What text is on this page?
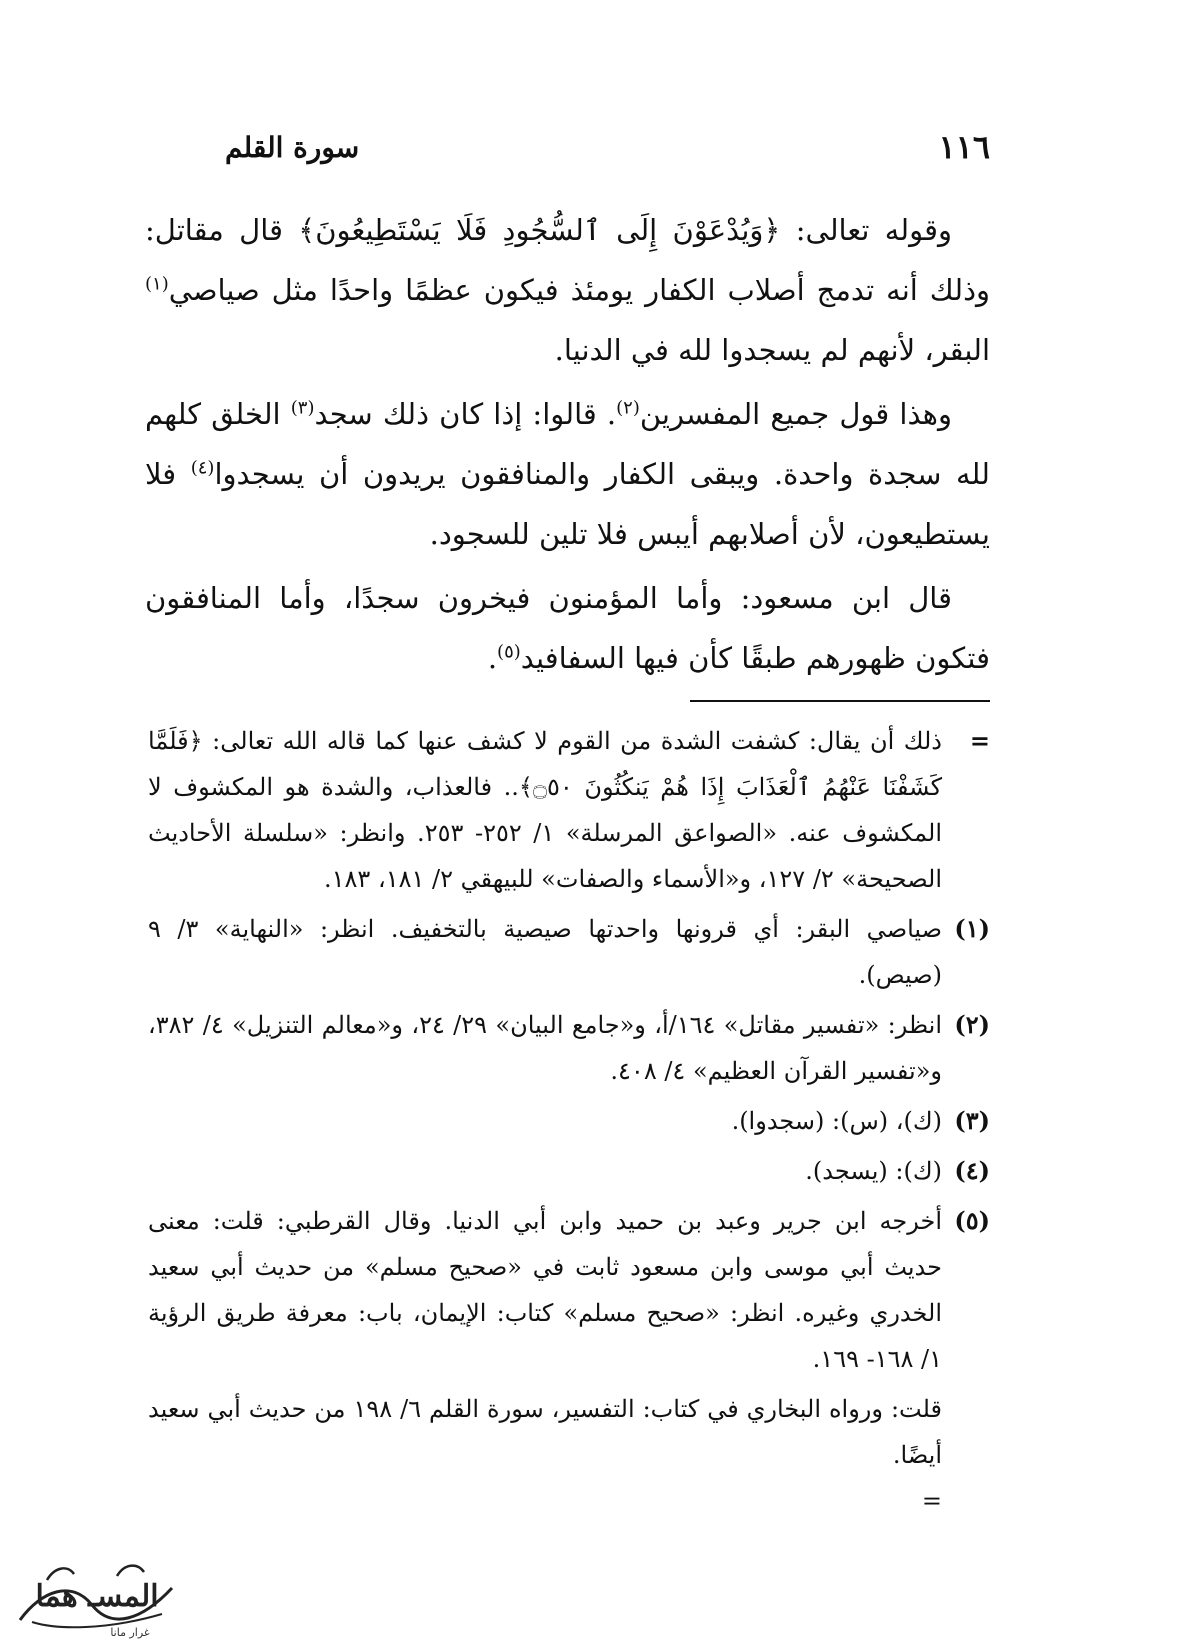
١١٦
سورة القلم

وقوله تعالى: ﴿وَيُدْعَوْنَ إِلَى ٱلسُّجُودِ فَلَا يَسْتَطِيعُونَ﴾ قال مقاتل: وذلك أنه تدمج أصلاب الكفار يومئذ فيكون عظمًا واحدًا مثل صياصي$^{(١)}$ البقر، لأنهم لم يسجدوا لله في الدنيا.

وهذا قول جميع المفسرين$^{(٢)}$. قالوا: إذا كان ذلك سجد$^{(٣)}$ الخلق كلهم لله سجدة واحدة. ويبقى الكفار والمنافقون يريدون أن يسجدوا$^{(٤)}$ فلا يستطيعون، لأن أصلابهم أيبس فلا تلين للسجود.

قال ابن مسعود: وأما المؤمنون فيخرون سجدًا، وأما المنافقون فتكون ظهورهم طبقًا كأن فيها السفافيد$^{(٥)}$.

=
ذلك أن يقال: كشفت الشدة من القوم لا كشف عنها كما قاله الله تعالى: ﴿فَلَمَّا كَشَفْنَا عَنْهُمُ ٱلْعَذَابَ إِذَا هُمْ يَنكُثُونَ ۝٥٠﴾.. فالعذاب، والشدة هو المكشوف لا المكشوف عنه. «الصواعق المرسلة» ١/ ٢٥٢- ٢٥٣. وانظر: «سلسلة الأحاديث الصحيحة» ٢/ ١٢٧، و«الأسماء والصفات» للبيهقي ٢/ ١٨١، ١٨٣.
(١)
صياصي البقر: أي قرونها واحدتها صيصية بالتخفيف. انظر: «النهاية» ٣/ ٩ (صيص).
(٢)
انظر: «تفسير مقاتل» ١٦٤/أ، و«جامع البيان» ٢٩/ ٢٤، و«معالم التنزيل» ٤/ ٣٨٢، و«تفسير القرآن العظيم» ٤/ ٤٠٨.
(٣)
(ك)، (س): (سجدوا).
(٤)
(ك): (يسجد).
(٥)
أخرجه ابن جرير وعبد بن حميد وابن أبي الدنيا. وقال القرطبي: قلت: معنى حديث أبي موسى وابن مسعود ثابت في «صحيح مسلم» من حديث أبي سعيد الخدري وغيره. انظر: «صحيح مسلم» كتاب: الإيمان، باب: معرفة طريق الرؤية ١/ ١٦٨- ١٦٩.

قلت: ورواه البخاري في كتاب: التفسير، سورة القلم ٦/ ١٩٨ من حديث أبي سعيد أيضًا.
=

المسـ هما
غرار مانا
